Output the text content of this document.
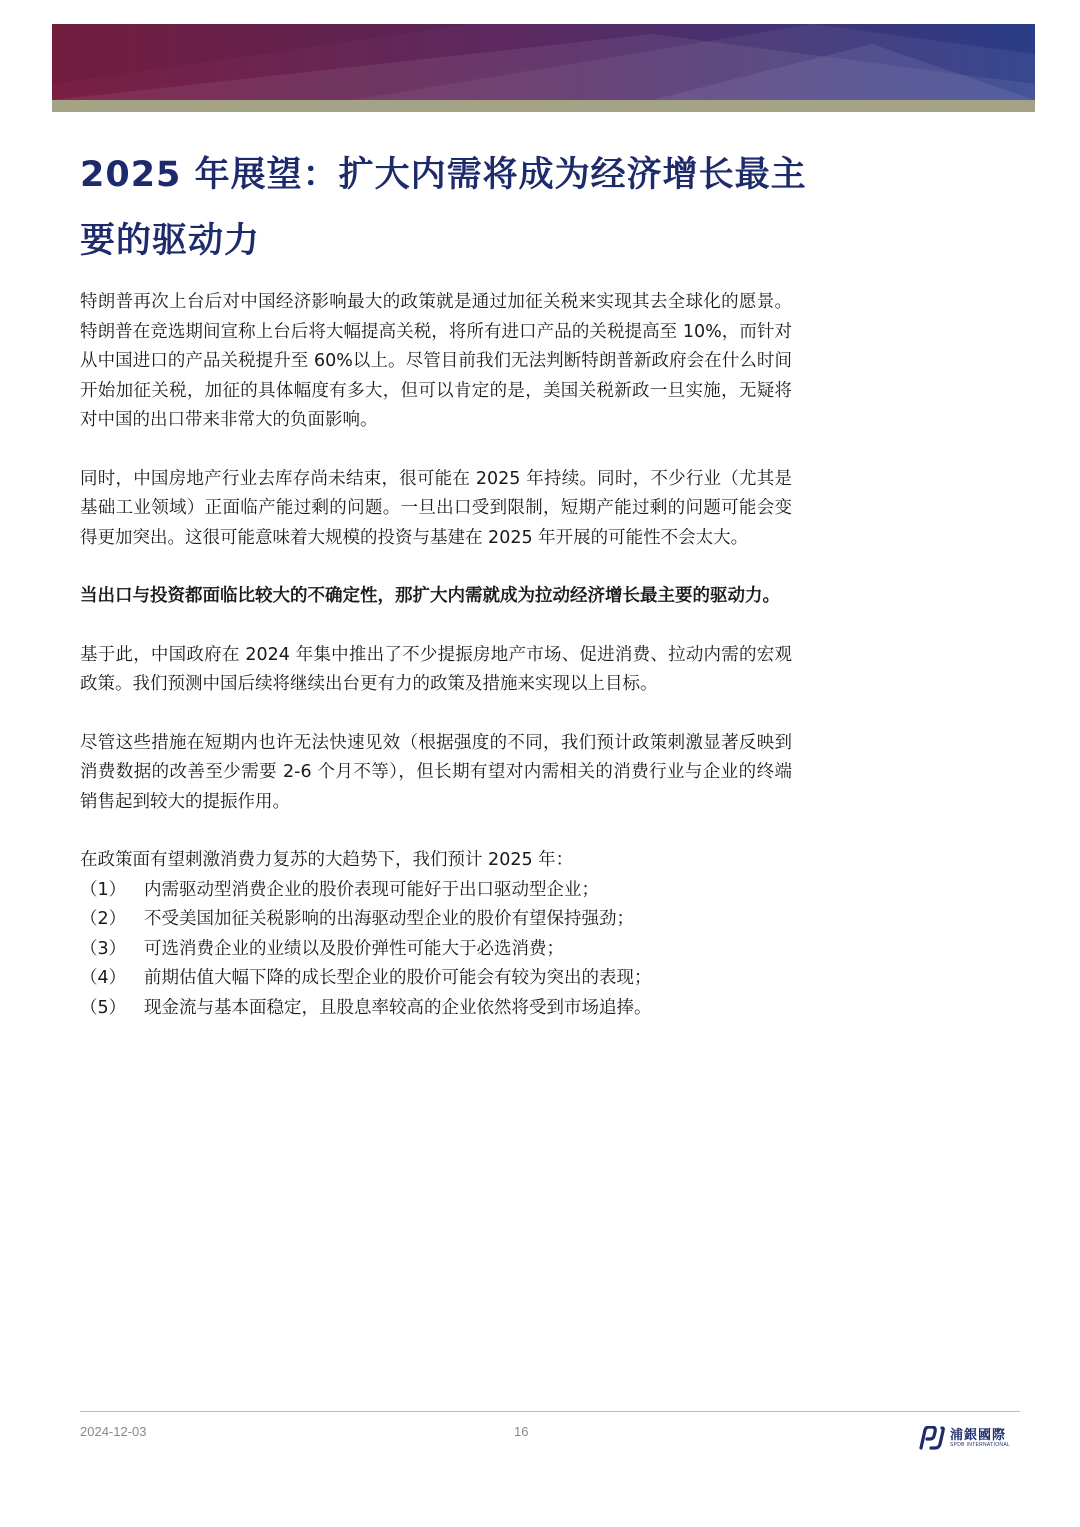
2025 年展望：扩大内需将成为经济增长最主要的驱动力

特朗普再次上台后对中国经济影响最大的政策就是通过加征关税来实现其去全球化的愿景。特朗普在竞选期间宣称上台后将大幅提高关税，将所有进口产品的关税提高至 10%，而针对从中国进口的产品关税提升至 60%以上。尽管目前我们无法判断特朗普新政府会在什么时间开始加征关税，加征的具体幅度有多大，但可以肯定的是，美国关税新政一旦实施，无疑将对中国的出口带来非常大的负面影响。

同时，中国房地产行业去库存尚未结束，很可能在 2025 年持续。同时，不少行业（尤其是基础工业领域）正面临产能过剩的问题。一旦出口受到限制，短期产能过剩的问题可能会变得更加突出。这很可能意味着大规模的投资与基建在 2025 年开展的可能性不会太大。

当出口与投资都面临比较大的不确定性，那扩大内需就成为拉动经济增长最主要的驱动力。

基于此，中国政府在 2024 年集中推出了不少提振房地产市场、促进消费、拉动内需的宏观政策。我们预测中国后续将继续出台更有力的政策及措施来实现以上目标。

尽管这些措施在短期内也许无法快速见效（根据强度的不同，我们预计政策刺激显著反映到消费数据的改善至少需要 2-6 个月不等），但长期有望对内需相关的消费行业与企业的终端销售起到较大的提振作用。

在政策面有望刺激消费力复苏的大趋势下，我们预计 2025 年：

（1）	内需驱动型消费企业的股价表现可能好于出口驱动型企业；
（2）	不受美国加征关税影响的出海驱动型企业的股价有望保持强劲；
（3）	可选消费企业的业绩以及股价弹性可能大于必选消费；
（4）	前期估值大幅下降的成长型企业的股价可能会有较为突出的表现；
（5）	现金流与基本面稳定，且股息率较高的企业依然将受到市场追捧。
2024-12-03	16	浦銀國際
SPDB INTERNATIONAL
